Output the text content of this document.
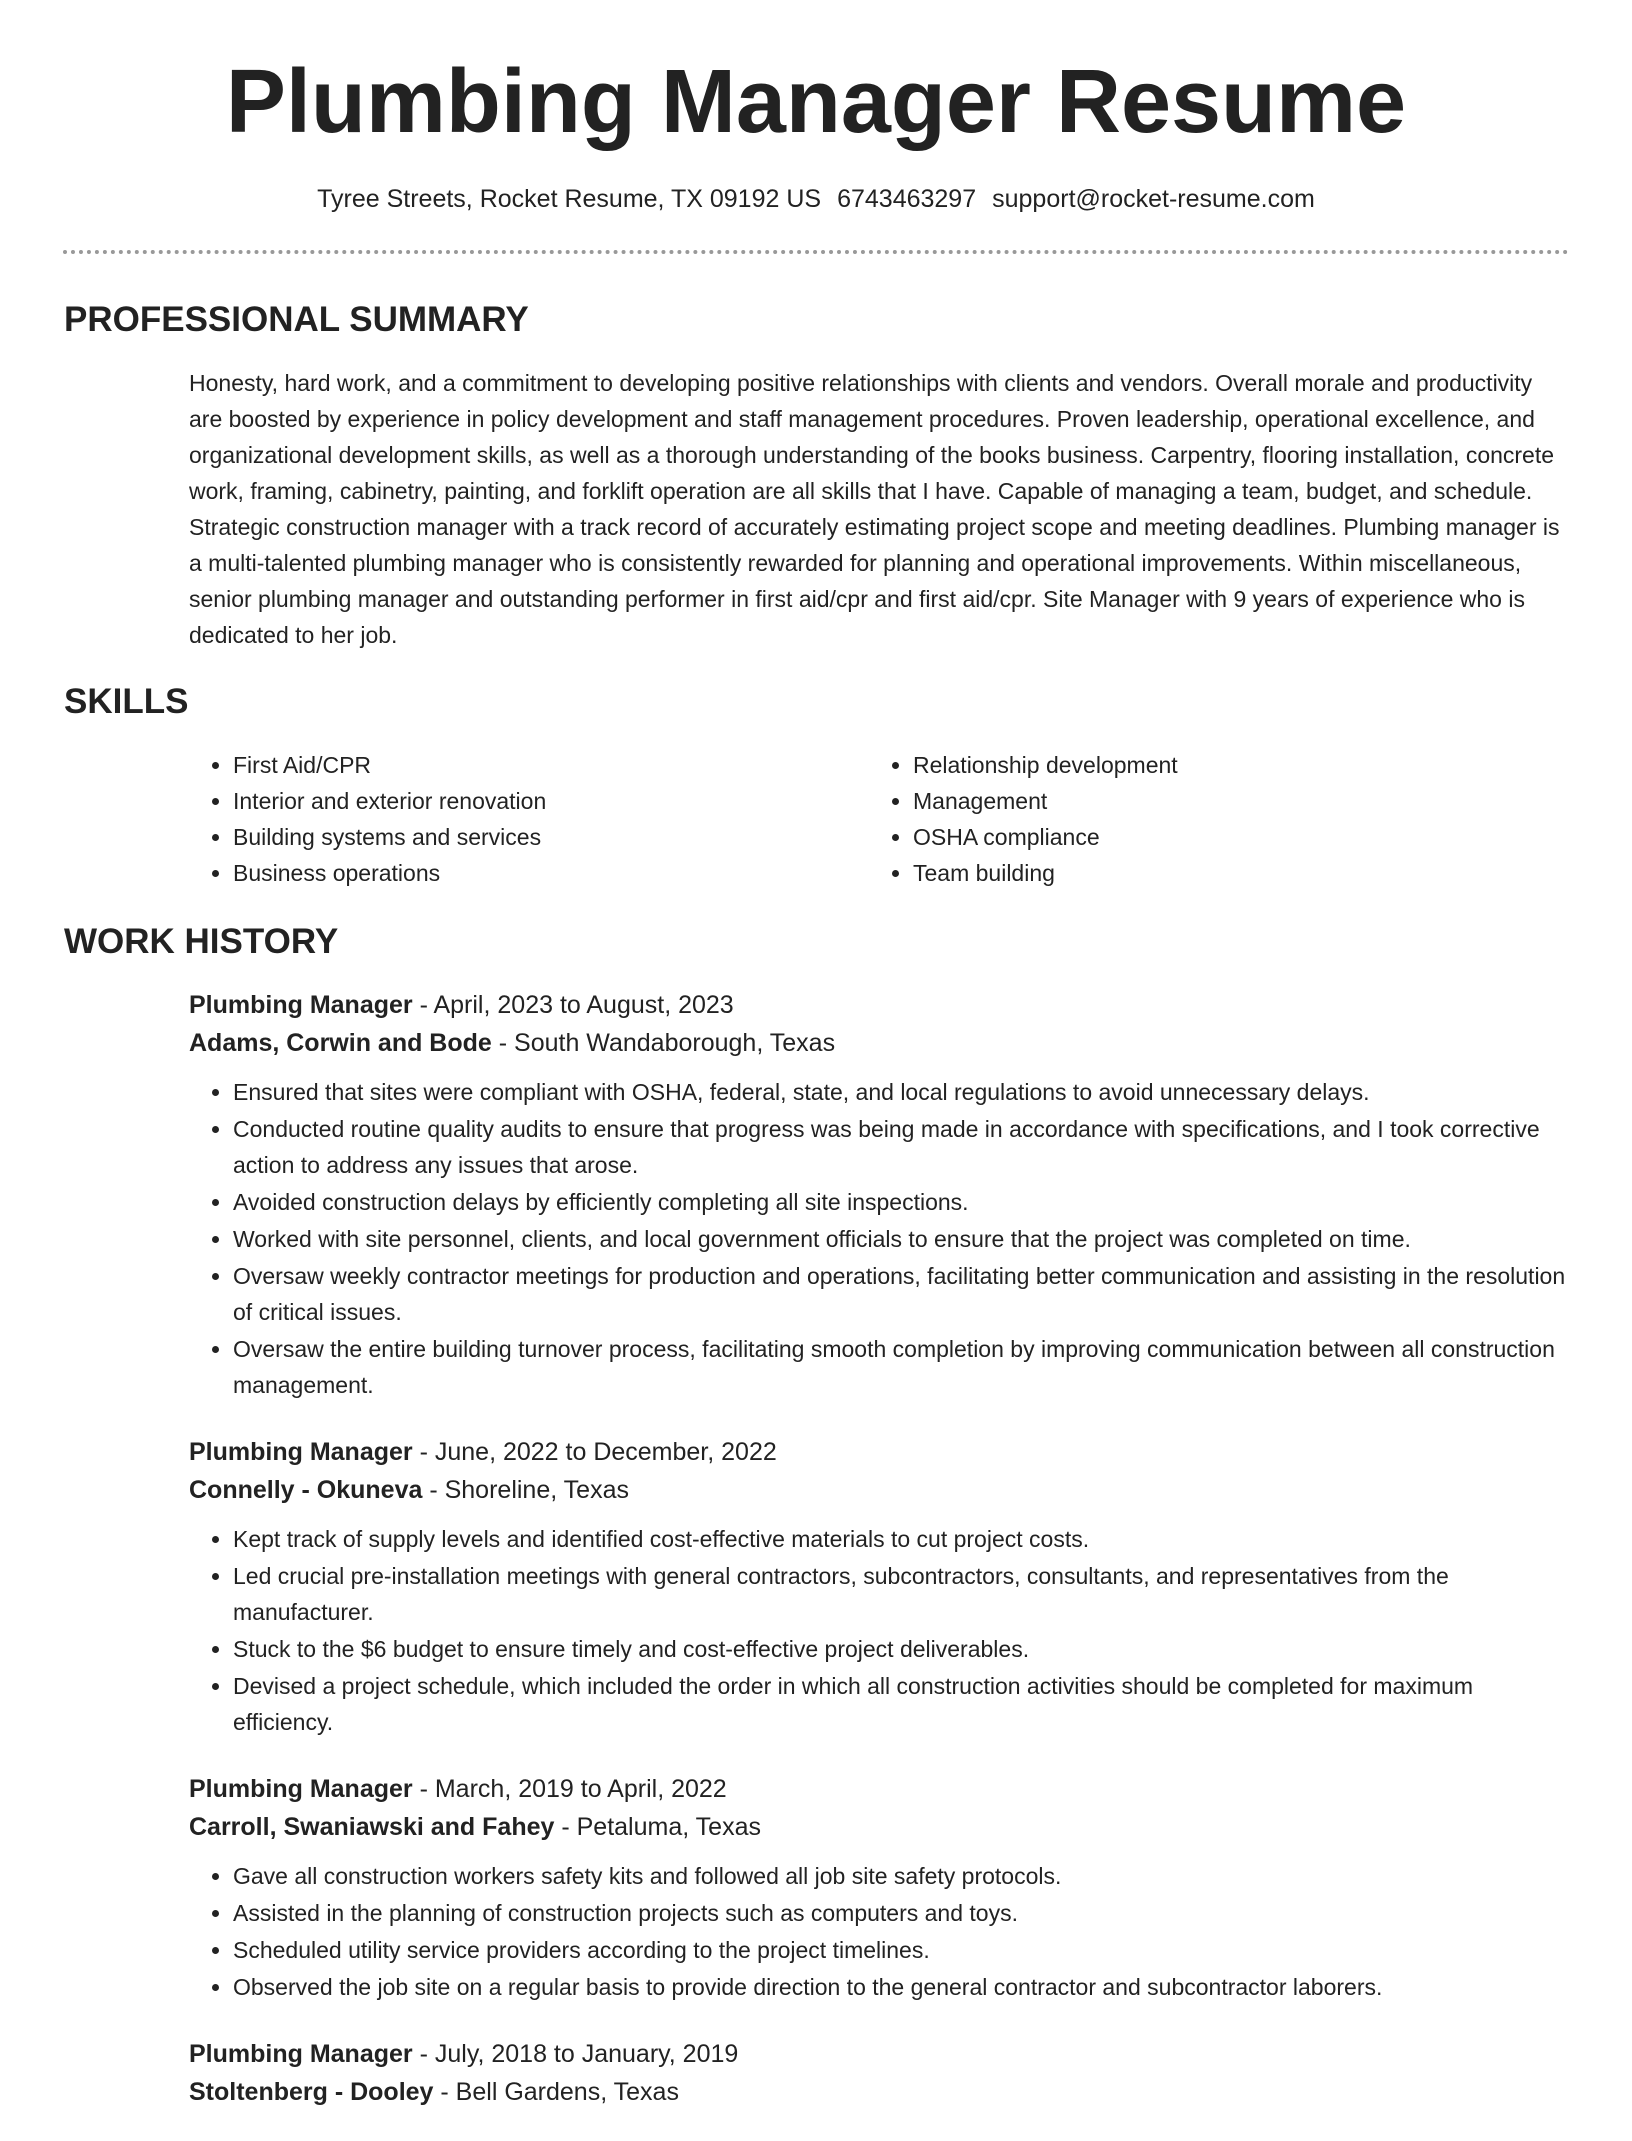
Plumbing Manager Resume
Tyree Streets, Rocket Resume, TX 09192 US 6743463297 support@rocket-resume.com
PROFESSIONAL SUMMARY

Honesty, hard work, and a commitment to developing positive relationships with clients and vendors. Overall morale and productivity are boosted by experience in policy development and staff management procedures. Proven leadership, operational excellence, and organizational development skills, as well as a thorough understanding of the books business. Carpentry, flooring installation, concrete work, framing, cabinetry, painting, and forklift operation are all skills that I have. Capable of managing a team, budget, and schedule. Strategic construction manager with a track record of accurately estimating project scope and meeting deadlines. Plumbing manager is a multi-talented plumbing manager who is consistently rewarded for planning and operational improvements. Within miscellaneous, senior plumbing manager and outstanding performer in first aid/cpr and first aid/cpr. Site Manager with 9 years of experience who is dedicated to her job.

SKILLS
• First Aid/CPR
• Interior and exterior renovation
• Building systems and services
• Business operations
• Relationship development
• Management
• OSHA compliance
• Team building
WORK HISTORY

Plumbing Manager - April, 2023 to August, 2023

Adams, Corwin and Bode - South Wandaborough, Texas

• Ensured that sites were compliant with OSHA, federal, state, and local regulations to avoid unnecessary delays.
• Conducted routine quality audits to ensure that progress was being made in accordance with specifications, and I took corrective action to address any issues that arose.
• Avoided construction delays by efficiently completing all site inspections.
• Worked with site personnel, clients, and local government officials to ensure that the project was completed on time.
• Oversaw weekly contractor meetings for production and operations, facilitating better communication and assisting in the resolution of critical issues.
• Oversaw the entire building turnover process, facilitating smooth completion by improving communication between all construction management.

Plumbing Manager - June, 2022 to December, 2022

Connelly - Okuneva - Shoreline, Texas

• Kept track of supply levels and identified cost-effective materials to cut project costs.
• Led crucial pre-installation meetings with general contractors, subcontractors, consultants, and representatives from the manufacturer.
• Stuck to the $6 budget to ensure timely and cost-effective project deliverables.
• Devised a project schedule, which included the order in which all construction activities should be completed for maximum efficiency.

Plumbing Manager - March, 2019 to April, 2022

Carroll, Swaniawski and Fahey - Petaluma, Texas

• Gave all construction workers safety kits and followed all job site safety protocols.
• Assisted in the planning of construction projects such as computers and toys.
• Scheduled utility service providers according to the project timelines.
• Observed the job site on a regular basis to provide direction to the general contractor and subcontractor laborers.

Plumbing Manager - July, 2018 to January, 2019

Stoltenberg - Dooley - Bell Gardens, Texas
